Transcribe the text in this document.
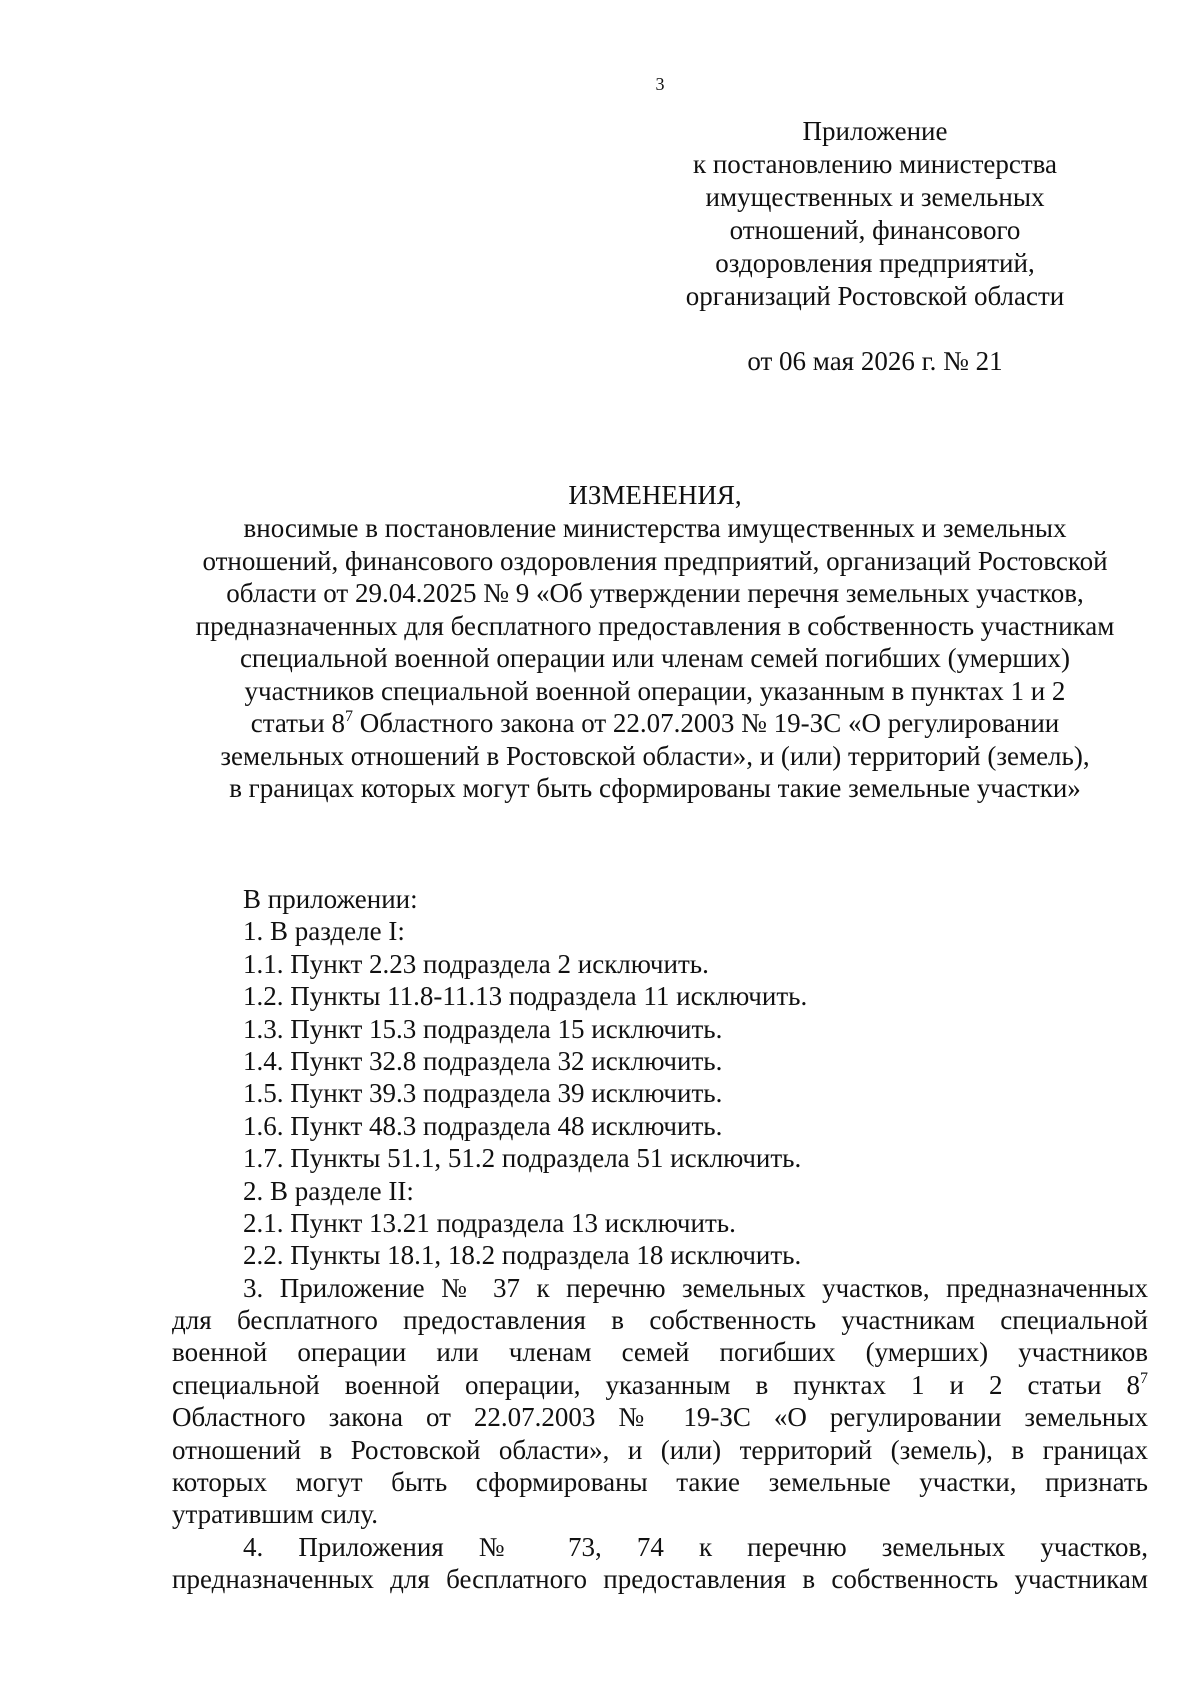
3
Приложение
к постановлению министерства
имущественных и земельных
отношений, финансового
оздоровления предприятий,
организаций Ростовской области
от 06 мая 2026 г. № 21
ИЗМЕНЕНИЯ,
вносимые в постановление министерства имущественных и земельных
отношений, финансового оздоровления предприятий, организаций Ростовской
области от 29.04.2025 № 9 «Об утверждении перечня земельных участков,
предназначенных для бесплатного предоставления в собственность участникам
специальной военной операции или членам семей погибших (умерших)
участников специальной военной операции, указанным в пунктах 1 и 2
статьи $8^7$ Областного закона от 22.07.2003 № 19-ЗС «О регулировании
земельных отношений в Ростовской области», и (или) территорий (земель),
в границах которых могут быть сформированы такие земельные участки»
В приложении:
1. В разделе I:
1.1. Пункт 2.23 подраздела 2 исключить.
1.2. Пункты 11.8-11.13 подраздела 11 исключить.
1.3. Пункт 15.3 подраздела 15 исключить.
1.4. Пункт 32.8 подраздела 32 исключить.
1.5. Пункт 39.3 подраздела 39 исключить.
1.6. Пункт 48.3 подраздела 48 исключить.
1.7. Пункты 51.1, 51.2 подраздела 51 исключить.
2. В разделе II:
2.1. Пункт 13.21 подраздела 13 исключить.
2.2. Пункты 18.1, 18.2 подраздела 18 исключить.
3. Приложение № 37 к перечню земельных участков, предназначенных
для бесплатного предоставления в собственность участникам специальной
военной операции или членам семей погибших (умерших) участников
специальной военной операции, указанным в пунктах 1 и 2 статьи $8^7$
Областного закона от 22.07.2003 № 19-ЗС «О регулировании земельных
отношений в Ростовской области», и (или) территорий (земель), в границах
которых могут быть сформированы такие земельные участки, признать
утратившим силу.
4. Приложения № 73, 74 к перечню земельных участков,
предназначенных для бесплатного предоставления в собственность участникам
